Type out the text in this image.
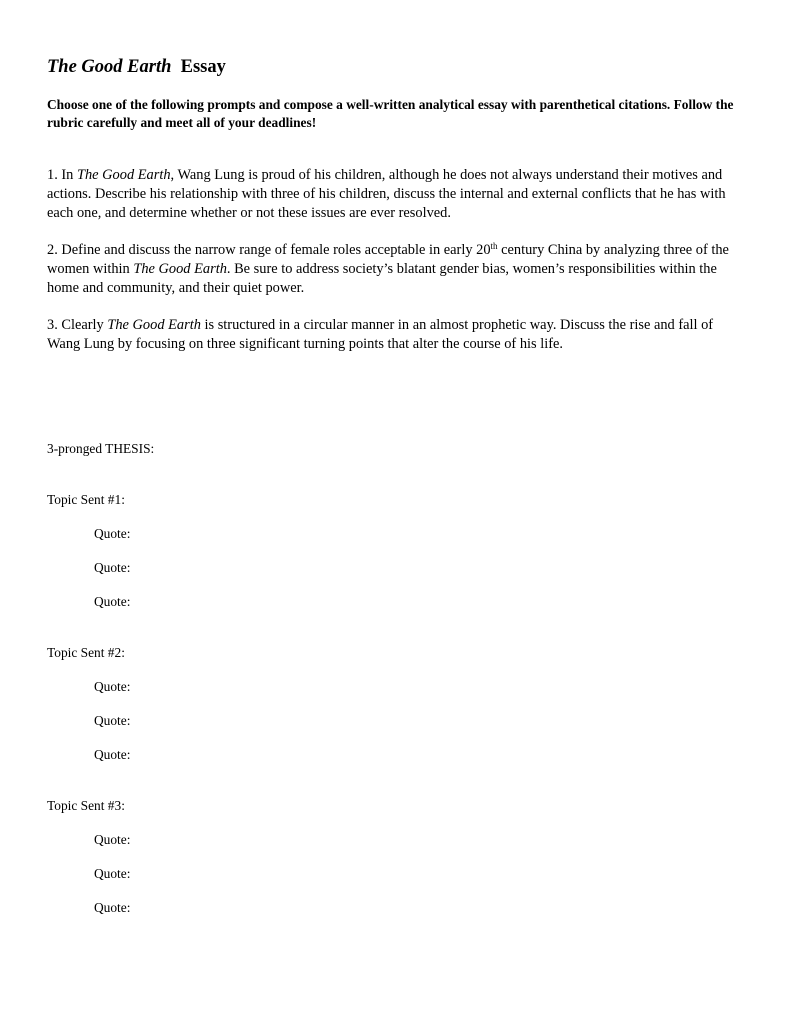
The Good Earth Essay

Choose one of the following prompts and compose a well-written analytical essay with parenthetical citations. Follow the rubric carefully and meet all of your deadlines!

1. In The Good Earth, Wang Lung is proud of his children, although he does not always understand their motives and actions. Describe his relationship with three of his children, discuss the internal and external conflicts that he has with each one, and determine whether or not these issues are ever resolved.

2. Define and discuss the narrow range of female roles acceptable in early 20th century China by analyzing three of the women within The Good Earth. Be sure to address society’s blatant gender bias, women’s responsibilities within the home and community, and their quiet power.

3. Clearly The Good Earth is structured in a circular manner in an almost prophetic way. Discuss the rise and fall of Wang Lung by focusing on three significant turning points that alter the course of his life.

3-pronged THESIS:

Topic Sent #1:

Quote:

Quote:

Quote:

Topic Sent #2:

Quote:

Quote:

Quote:

Topic Sent #3:

Quote:

Quote:

Quote:
